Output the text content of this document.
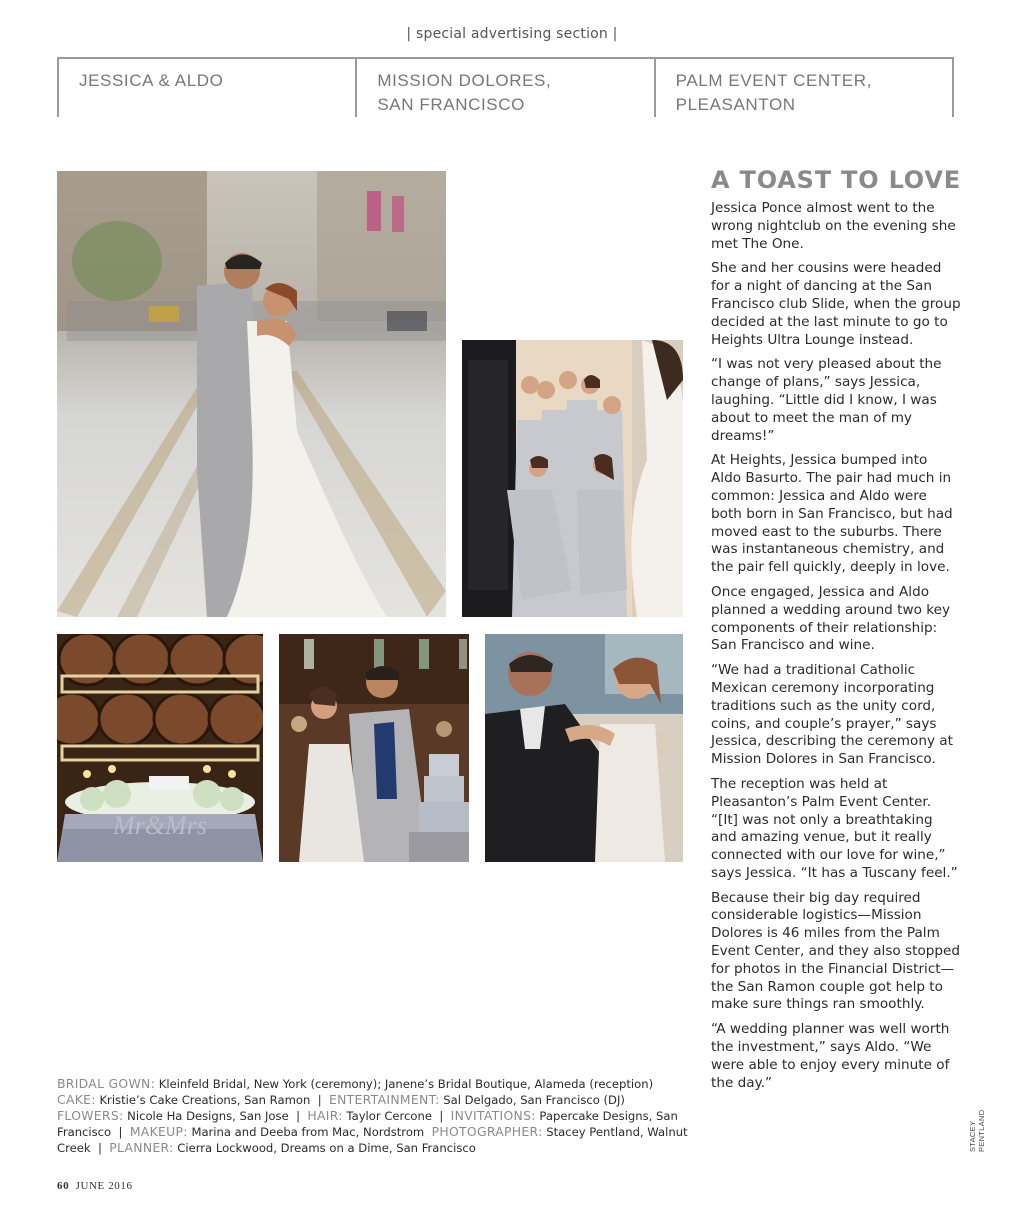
| special advertising section |
JESSICA & ALDO	MISSION DOLORES,
SAN FRANCISCO
PALM EVENT CENTER,
PLEASANTON
Mr&Mrs
A TOAST TO LOVE

Jessica Ponce almost went to the wrong nightclub on the evening she met The One.

She and her cousins were headed for a night of dancing at the San Francisco club Slide, when the group decided at the last minute to go to Heights Ultra Lounge instead.

“I was not very pleased about the change of plans,” says Jessica, laughing. “Little did I know, I was about to meet the man of my dreams!”

At Heights, Jessica bumped into Aldo Basurto. The pair had much in common: Jessica and Aldo were both born in San Francisco, but had moved east to the suburbs. There was instantaneous chemistry, and the pair fell quickly, deeply in love.

Once engaged, Jessica and Aldo planned a wedding around two key components of their relationship: San Francisco and wine.

“We had a traditional Catholic Mexican ceremony incorporating traditions such as the unity cord, coins, and couple’s prayer,” says Jessica, describing the ceremony at Mission Dolores in San Francisco.

The reception was held at Pleasanton’s Palm Event Center. “[It] was not only a breathtaking and amazing venue, but it really connected with our love for wine,” says Jessica. “It has a Tuscany feel.”

Because their big day required considerable logistics—Mission Dolores is 46 miles from the Palm Event Center, and they also stopped for photos in the Financial District—the San Ramon couple got help to make sure things ran smoothly.

“A wedding planner was well worth the investment,” says Aldo. “We were able to enjoy every minute of the day.”

BRIDAL GOWN: Kleinfeld Bridal, New York (ceremony); Janene’s Bridal Boutique, Alameda (reception)
CAKE: Kristie’s Cake Creations, San Ramon | ENTERTAINMENT: Sal Delgado, San Francisco (DJ)
FLOWERS: Nicole Ha Designs, San Jose | HAIR: Taylor Cercone | INVITATIONS: Papercake Designs, San Francisco | MAKEUP: Marina and Deeba from Mac, Nordstrom PHOTOGRAPHER: Stacey Pentland, Walnut Creek | PLANNER: Cierra Lockwood, Dreams on a Dime, San Francisco	STACEY PENTLAND
60 JUNE 2016
